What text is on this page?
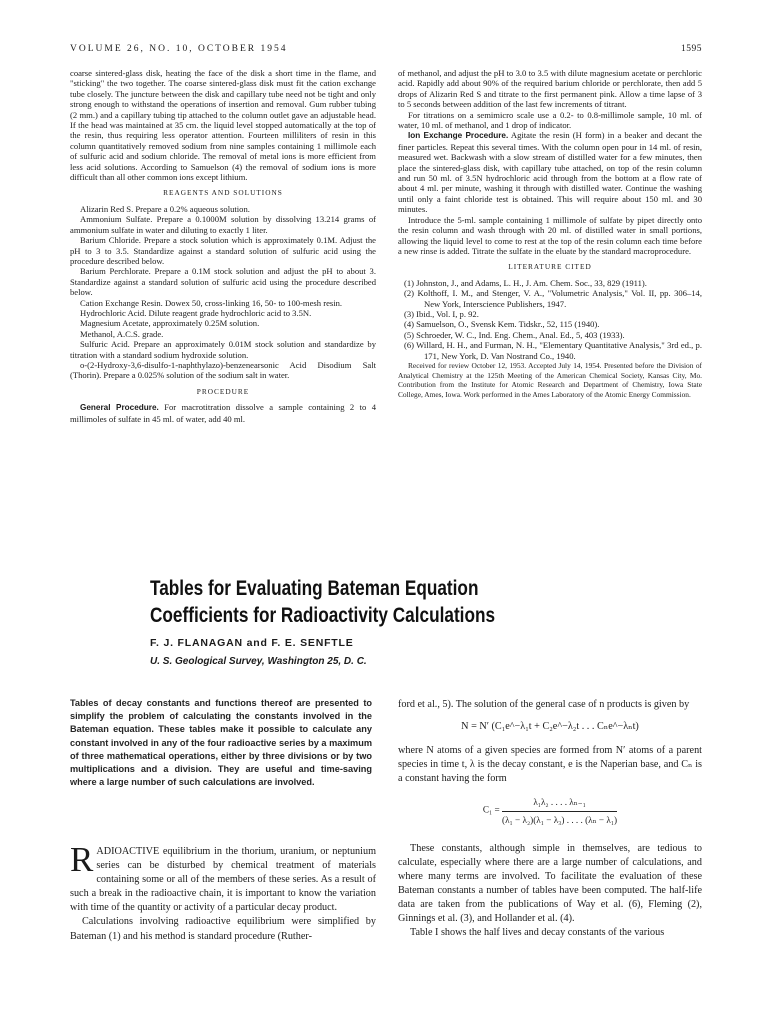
VOLUME 26, NO. 10, OCTOBER 1954	1595

coarse sintered-glass disk, heating the face of the disk a short time in the flame, and "sticking" the two together. The coarse sintered-glass disk must fit the cation exchange tube closely. The juncture between the disk and capillary tube need not be tight and only strong enough to withstand the operations of insertion and removal. Gum rubber tubing (2 mm.) and a capillary tubing tip attached to the column outlet gave an adjustable head. If the head was maintained at 35 cm. the liquid level stopped automatically at the top of the resin, thus requiring less operator attention. Fourteen milliliters of resin in this column quantitatively removed sodium from nine samples containing 1 millimole each of sulfuric acid and sodium chloride. The removal of metal ions is more efficient from less acid solutions. According to Samuelson (4) the removal of sodium ions is more difficult than all other common ions except lithium.

REAGENTS AND SOLUTIONS

Alizarin Red S. Prepare a 0.2% aqueous solution.

Ammonium Sulfate. Prepare a 0.1000M solution by dissolving 13.214 grams of ammonium sulfate in water and diluting to exactly 1 liter.

Barium Chloride. Prepare a stock solution which is approximately 0.1M. Adjust the pH to 3 to 3.5. Standardize against a standard solution of sulfuric acid using the procedure described below.

Barium Perchlorate. Prepare a 0.1M stock solution and adjust the pH to about 3. Standardize against a standard solution of sulfuric acid using the procedure described below.

Cation Exchange Resin. Dowex 50, cross-linking 16, 50- to 100-mesh resin.

Hydrochloric Acid. Dilute reagent grade hydrochloric acid to 3.5N.

Magnesium Acetate, approximately 0.25M solution.

Methanol, A.C.S. grade.

Sulfuric Acid. Prepare an approximately 0.01M stock solution and standardize by titration with a standard sodium hydroxide solution.

o-(2-Hydroxy-3,6-disulfo-1-naphthylazo)-benzenearsonic Acid Disodium Salt (Thorin). Prepare a 0.025% solution of the sodium salt in water.

PROCEDURE

General Procedure. For macrotitration dissolve a sample containing 2 to 4 millimoles of sulfate in 45 ml. of water, add 40 ml.

of methanol, and adjust the pH to 3.0 to 3.5 with dilute magnesium acetate or perchloric acid. Rapidly add about 90% of the required barium chloride or perchlorate, then add 5 drops of Alizarin Red S and titrate to the first permanent pink. Allow a time lapse of 3 to 5 seconds between addition of the last few increments of titrant.

For titrations on a semimicro scale use a 0.2- to 0.8-millimole sample, 10 ml. of water, 10 ml. of methanol, and 1 drop of indicator.

Ion Exchange Procedure. Agitate the resin (H form) in a beaker and decant the finer particles. Repeat this several times. With the column open pour in 14 ml. of resin, measured wet. Backwash with a slow stream of distilled water for a few minutes, then place the sintered-glass disk, with capillary tube attached, on top of the resin column and run 50 ml. of 3.5N hydrochloric acid through from the bottom at a flow rate of about 4 ml. per minute, washing it through with distilled water. Continue the washing until only a faint chloride test is obtained. This will require about 150 ml. and 30 minutes.

Introduce the 5-ml. sample containing 1 millimole of sulfate by pipet directly onto the resin column and wash through with 20 ml. of distilled water in small portions, allowing the liquid level to come to rest at the top of the resin column each time before a new rinse is added. Titrate the sulfate in the eluate by the standard macroprocedure.

LITERATURE CITED
(1) Johnston, J., and Adams, L. H., J. Am. Chem. Soc., 33, 829 (1911).
(2) Kolthoff, I. M., and Stenger, V. A., "Volumetric Analysis," Vol. II, pp. 306–14, New York, Interscience Publishers, 1947.
(3) Ibid., Vol. I, p. 92.
(4) Samuelson, O., Svensk Kem. Tidskr., 52, 115 (1940).
(5) Schroeder, W. C., Ind. Eng. Chem., Anal. Ed., 5, 403 (1933).
(6) Willard, H. H., and Furman, N. H., "Elementary Quantitative Analysis," 3rd ed., p. 171, New York, D. Van Nostrand Co., 1940.

Received for review October 12, 1953. Accepted July 14, 1954. Presented before the Division of Analytical Chemistry at the 125th Meeting of the American Chemical Society, Kansas City, Mo. Contribution from the Institute for Atomic Research and Department of Chemistry, Iowa State College, Ames, Iowa. Work performed in the Ames Laboratory of the Atomic Energy Commission.

Tables for Evaluating Bateman Equation
Coefficients for Radioactivity Calculations
F. J. FLANAGAN and F. E. SENFTLE
U. S. Geological Survey, Washington 25, D. C.
Tables of decay constants and functions thereof are presented to simplify the problem of calculating the constants involved in the Bateman equation. These tables make it possible to calculate any constant involved in any of the four radioactive series by a maximum of three mathematical operations, either by three divisions or by two multiplications and a division. They are useful and time-saving where a large number of such calculations are involved.

RADIOACTIVE equilibrium in the thorium, uranium, or neptunium series can be disturbed by chemical treatment of materials containing some or all of the members of these series. As a result of such a break in the radioactive chain, it is important to know the variation with time of the quantity or activity of a particular decay product.

Calculations involving radioactive equilibrium were simplified by Bateman (1) and his method is standard procedure (Ruther-

ford et al., 5). The solution of the general case of n products is given by

N = N′ (C₁e^−λ₁t + C₂e^−λ₂t . . . Cₙe^−λₙt)

where N atoms of a given species are formed from N′ atoms of a parent species in time t, λ is the decay constant, e is the Naperian base, and Cₙ is a constant having the form

$C_1 = \frac{\text{λ₁λ₂ . . . . λₙ₋₁}}{\text{(λ₁ − λ₂)(λ₁ − λ₃) . . . . (λₙ − λ₁)}}$

These constants, although simple in themselves, are tedious to calculate, especially where there are a large number of calculations, and where many terms are involved. To facilitate the evaluation of these Bateman constants a number of tables have been computed. The half-life data are taken from the publications of Way et al. (6), Fleming (2), Ginnings et al. (3), and Hollander et al. (4).

Table I shows the half lives and decay constants of the various
